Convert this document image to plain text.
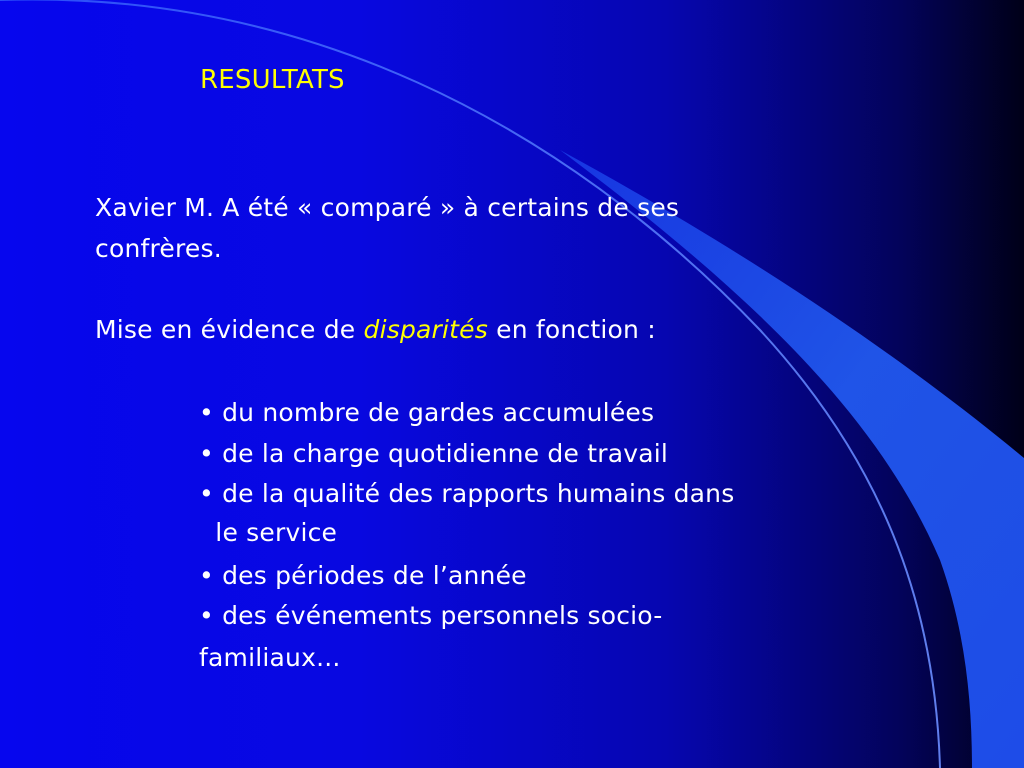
RESULTATS
Xavier M. A été « comparé » à certains de ses
confrères.
Mise en évidence de disparités en fonction :
• du nombre de gardes accumulées
• de la charge quotidienne de travail
• de la qualité des rapports humains dans
le service
• des périodes de l’année
• des événements personnels socio-
familiaux...
